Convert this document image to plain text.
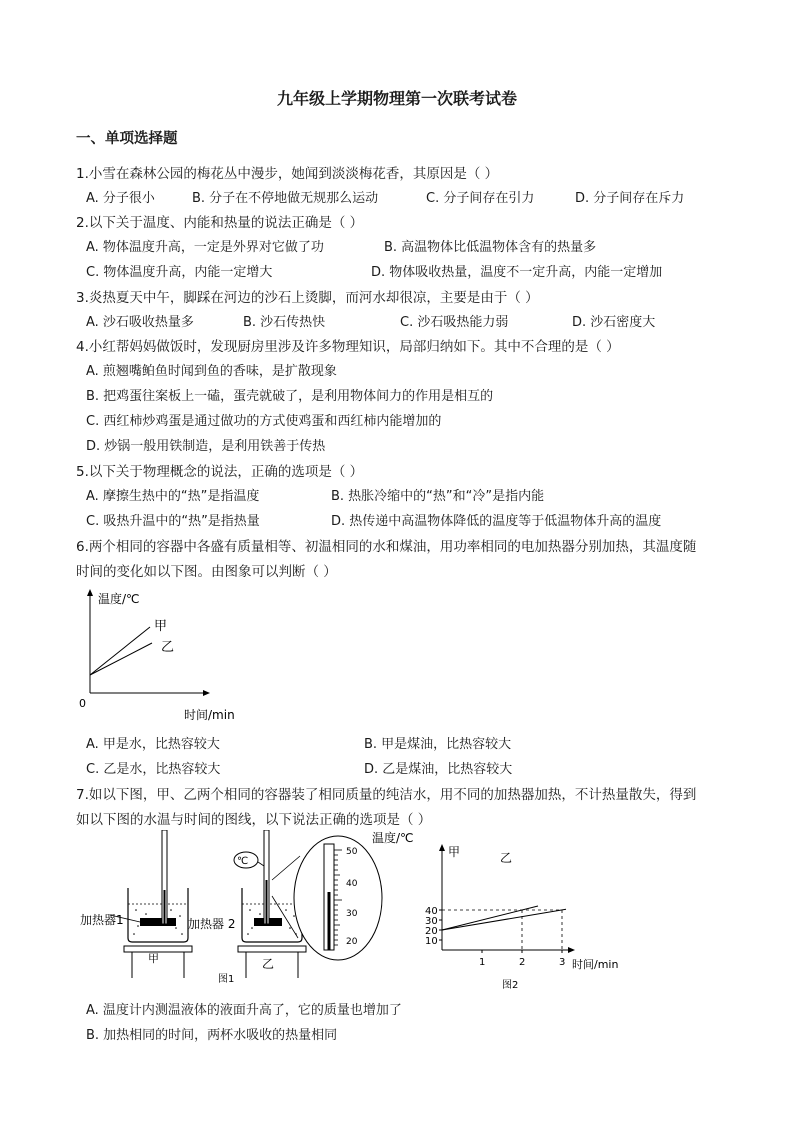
九年级上学期物理第一次联考试卷
一、单项选择题
1.小雪在森林公园的梅花丛中漫步，她闻到淡淡梅花香，其原因是（ ）
A. 分子很小	B. 分子在不停地做无规那么运动	C. 分子间存在引力	D. 分子间存在斥力
2.以下关于温度、内能和热量的说法正确是（ ）
A. 物体温度升高，一定是外界对它做了功	B. 高温物体比低温物体含有的热量多
C. 物体温度升高，内能一定增大	D. 物体吸收热量，温度不一定升高，内能一定增加
3.炎热夏天中午，脚踩在河边的沙石上烫脚，而河水却很凉，主要是由于（ ）
A. 沙石吸收热量多	B. 沙石传热快	C. 沙石吸热能力弱	D. 沙石密度大
4.小红帮妈妈做饭时，发现厨房里涉及许多物理知识，局部归纳如下。其中不合理的是（ ）
A. 煎翘嘴鲌鱼时闻到鱼的香味，是扩散现象
B. 把鸡蛋往案板上一磕，蛋壳就破了，是利用物体间力的作用是相互的
C. 西红柿炒鸡蛋是通过做功的方式使鸡蛋和西红柿内能增加的
D. 炒锅一般用铁制造，是利用铁善于传热
5.以下关于物理概念的说法，正确的选项是（ ）
A. 摩擦生热中的“热”是指温度	B. 热胀冷缩中的“热”和“冷”是指内能
C. 吸热升温中的“热”是指热量	D. 热传递中高温物体降低的温度等于低温物体升高的温度
6.两个相同的容器中各盛有质量相等、初温相同的水和煤油，用功率相同的电加热器分别加热，其温度随
时间的变化如以下图。由图象可以判断（ ）
温度/℃
甲
乙
0
时间/min
A. 甲是水，比热容较大	B. 甲是煤油，比热容较大
C. 乙是水，比热容较大	D. 乙是煤油，比热容较大
7.如以下图，甲、乙两个相同的容器装了相同质量的纯洁水，用不同的加热器加热，不计热量散失，得到
如以下图的水温与时间的图线，以下说法正确的选项是（ ）
加热器1
甲
加热器 2
乙
℃
50
40
30
20
图1
温度/℃
甲	乙
10
20
30
40
1	2	3 时间/min
图2
A. 温度计内测温液体的液面升高了，它的质量也增加了
B. 加热相同的时间，两杯水吸收的热量相同
